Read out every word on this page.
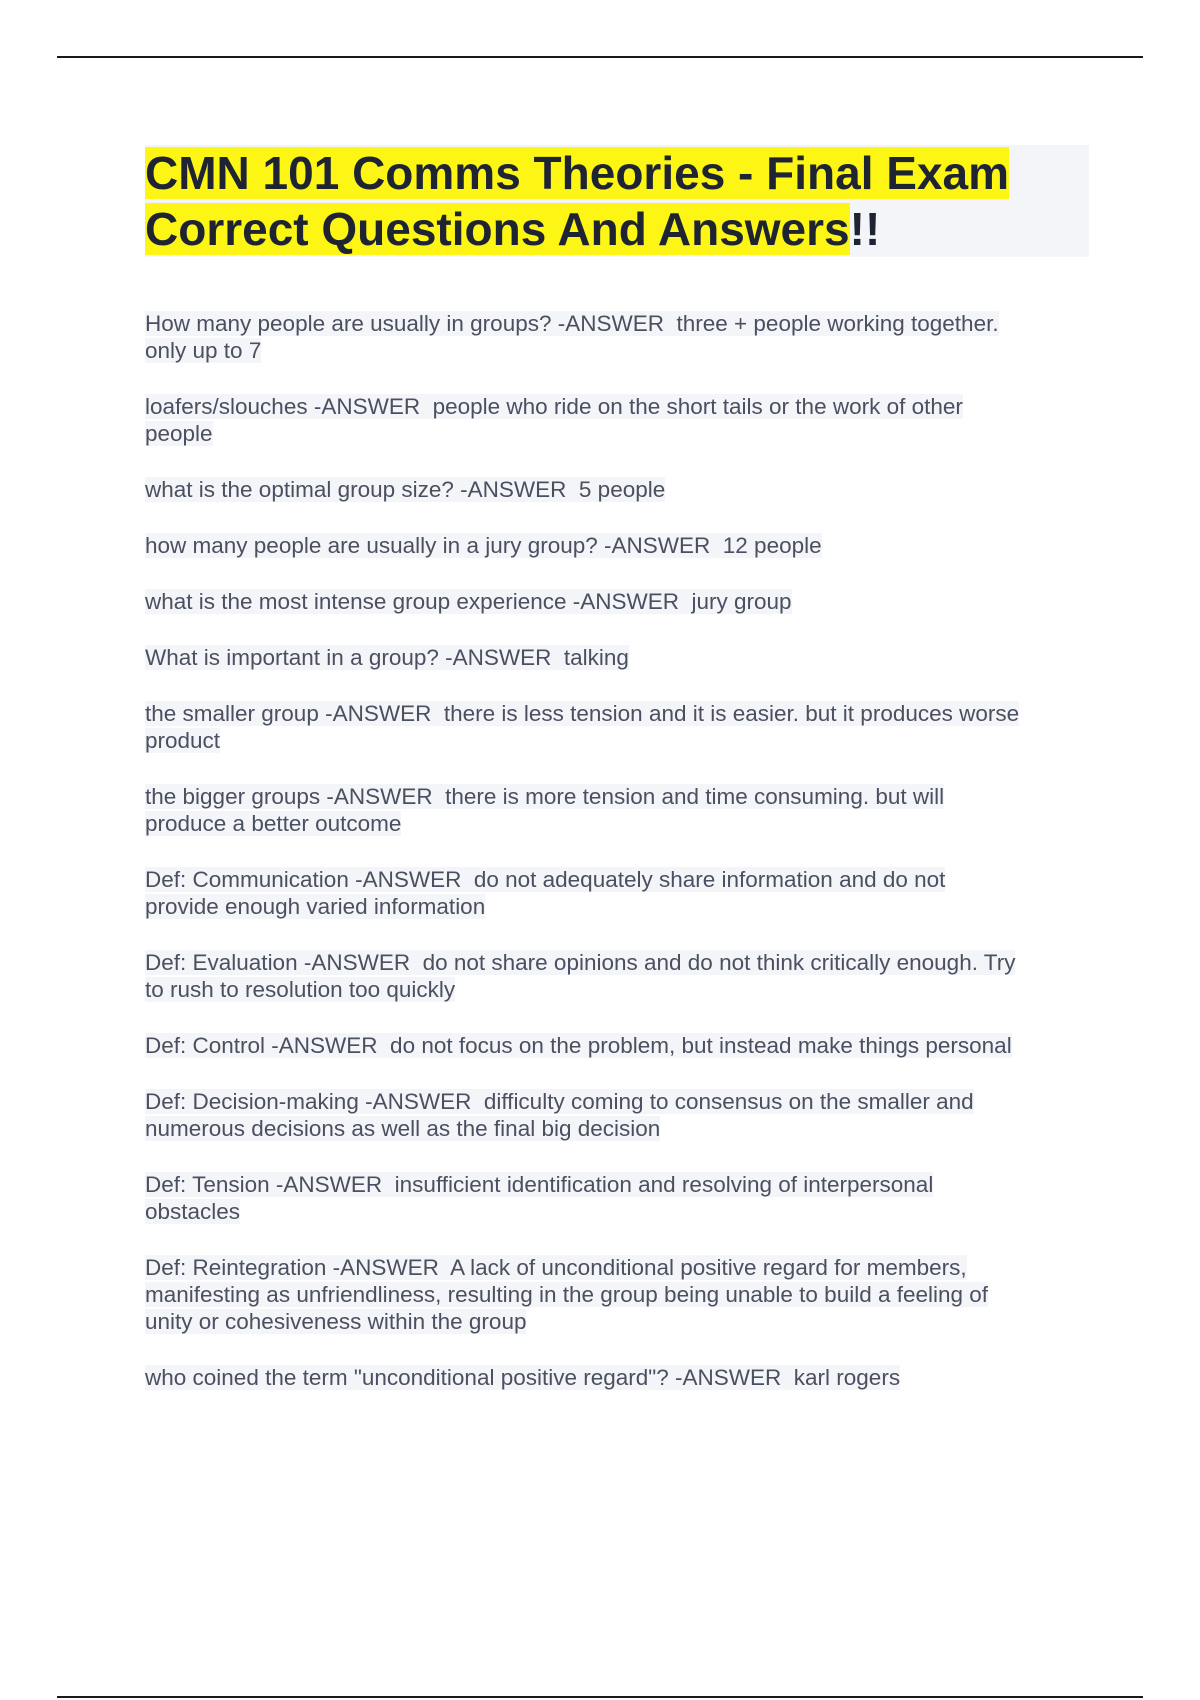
CMN 101 Comms Theories - Final Exam Correct Questions And Answers!!

How many people are usually in groups? -ANSWER  three + people working together.
only up to 7

loafers/slouches -ANSWER  people who ride on the short tails or the work of other
people

what is the optimal group size? -ANSWER  5 people

how many people are usually in a jury group? -ANSWER  12 people

what is the most intense group experience -ANSWER  jury group

What is important in a group? -ANSWER  talking

the smaller group -ANSWER  there is less tension and it is easier. but it produces worse
product

the bigger groups -ANSWER  there is more tension and time consuming. but will
produce a better outcome

Def: Communication -ANSWER  do not adequately share information and do not
provide enough varied information

Def: Evaluation -ANSWER  do not share opinions and do not think critically enough. Try
to rush to resolution too quickly

Def: Control -ANSWER  do not focus on the problem, but instead make things personal

Def: Decision-making -ANSWER  difficulty coming to consensus on the smaller and
numerous decisions as well as the final big decision

Def: Tension -ANSWER  insufficient identification and resolving of interpersonal
obstacles

Def: Reintegration -ANSWER  A lack of unconditional positive regard for members,
manifesting as unfriendliness, resulting in the group being unable to build a feeling of
unity or cohesiveness within the group

who coined the term "unconditional positive regard"? -ANSWER  karl rogers
